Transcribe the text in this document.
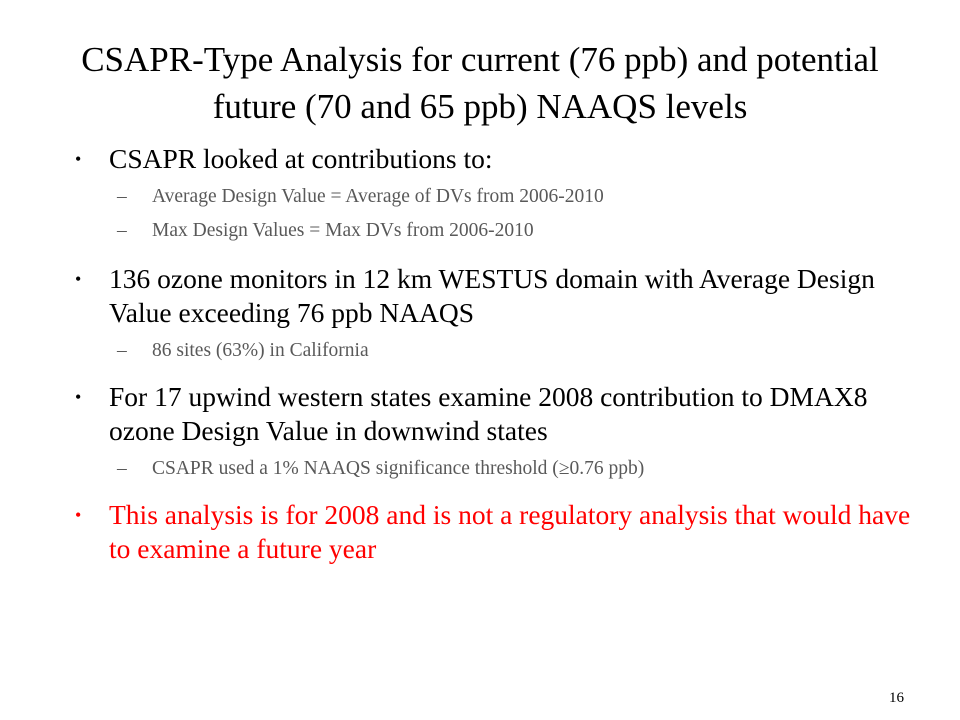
CSAPR-Type Analysis for current (76 ppb) and potential future (70 and 65 ppb) NAAQS levels
• CSAPR looked at contributions to:
– Average Design Value = Average of DVs from 2006-2010
– Max Design Values = Max DVs from 2006-2010
• 136 ozone monitors in 12 km WESTUS domain with Average Design Value exceeding 76 ppb NAAQS
– 86 sites (63%) in California
• For 17 upwind western states examine 2008 contribution to DMAX8 ozone Design Value in downwind states
– CSAPR used a 1% NAAQS significance threshold (≥0.76 ppb)
• This analysis is for 2008 and is not a regulatory analysis that would have to examine a future year
16
